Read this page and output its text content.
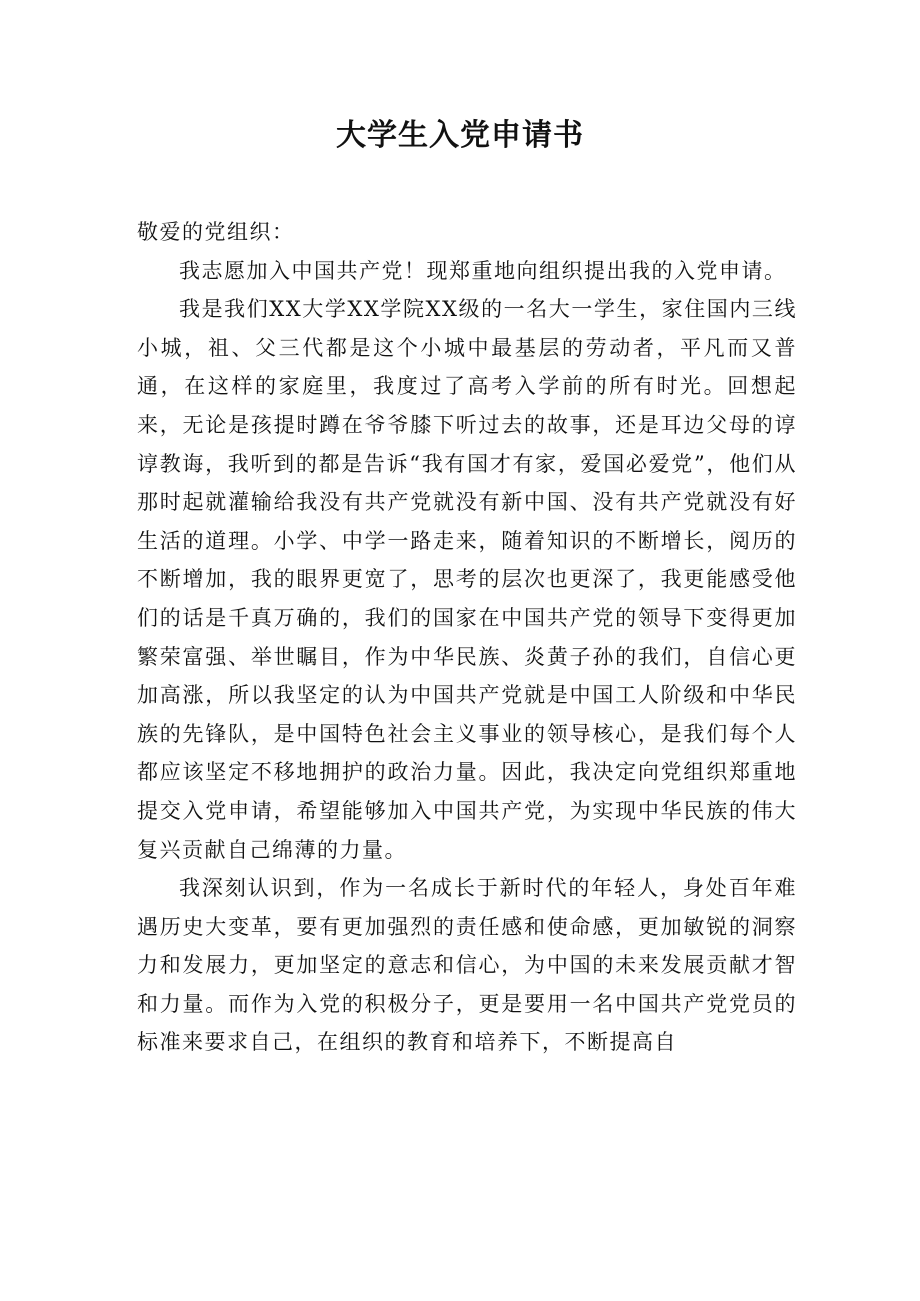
大学生入党申请书

敬爱的党组织：

我志愿加入中国共产党！现郑重地向组织提出我的入党申请。

我是我们XX大学XX学院XX级的一名大一学生，家住国内三线小城，祖、父三代都是这个小城中最基层的劳动者，平凡而又普通，在这样的家庭里，我度过了高考入学前的所有时光。回想起来，无论是孩提时蹲在爷爷膝下听过去的故事，还是耳边父母的谆谆教诲，我听到的都是告诉“我有国才有家，爱国必爱党”，他们从那时起就灌输给我没有共产党就没有新中国、没有共产党就没有好生活的道理。小学、中学一路走来，随着知识的不断增长，阅历的不断增加，我的眼界更宽了，思考的层次也更深了，我更能感受他们的话是千真万确的，我们的国家在中国共产党的领导下变得更加繁荣富强、举世瞩目，作为中华民族、炎黄子孙的我们，自信心更加高涨，所以我坚定的认为中国共产党就是中国工人阶级和中华民族的先锋队，是中国特色社会主义事业的领导核心，是我们每个人都应该坚定不移地拥护的政治力量。因此，我决定向党组织郑重地提交入党申请，希望能够加入中国共产党，为实现中华民族的伟大复兴贡献自己绵薄的力量。

我深刻认识到，作为一名成长于新时代的年轻人，身处百年难遇历史大变革，要有更加强烈的责任感和使命感，更加敏锐的洞察力和发展力，更加坚定的意志和信心，为中国的未来发展贡献才智和力量。而作为入党的积极分子，更是要用一名中国共产党党员的标准来要求自己，在组织的教育和培养下，不断提高自
